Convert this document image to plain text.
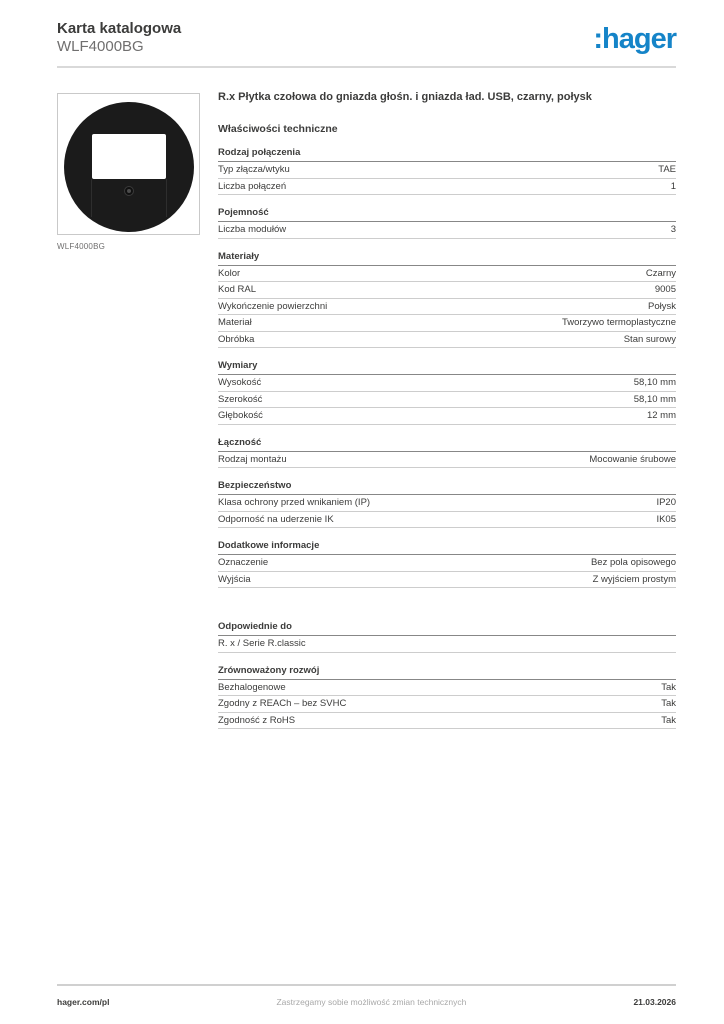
Karta katalogowa
WLF4000BG	:hager
WLF4000BG
R.x Płytka czołowa do gniazda głośn. i gniazda ład. USB, czarny, połysk
Właściwości techniczne
Rodzaj połączenia
Typ złącza/wtyku	TAE
Liczba połączeń	1
Pojemność
Liczba modułów	3
Materiały
Kolor	Czarny
Kod RAL	9005
Wykończenie powierzchni	Połysk
Materiał	Tworzywo termoplastyczne
Obróbka	Stan surowy
Wymiary
Wysokość	58,10 mm
Szerokość	58,10 mm
Głębokość	12 mm
Łączność
Rodzaj montażu	Mocowanie śrubowe
Bezpieczeństwo
Klasa ochrony przed wnikaniem (IP)	IP20
Odporność na uderzenie IK	IK05
Dodatkowe informacje
Oznaczenie	Bez pola opisowego
Wyjścia	Z wyjściem prostym
Odpowiednie do
R. x / Serie R.classic
Zrównoważony rozwój
Bezhalogenowe	Tak
Zgodny z REACh – bez SVHC	Tak
Zgodność z RoHS	Tak
hager.com/pl	Zastrzegamy sobie możliwość zmian technicznych	21.03.2026
